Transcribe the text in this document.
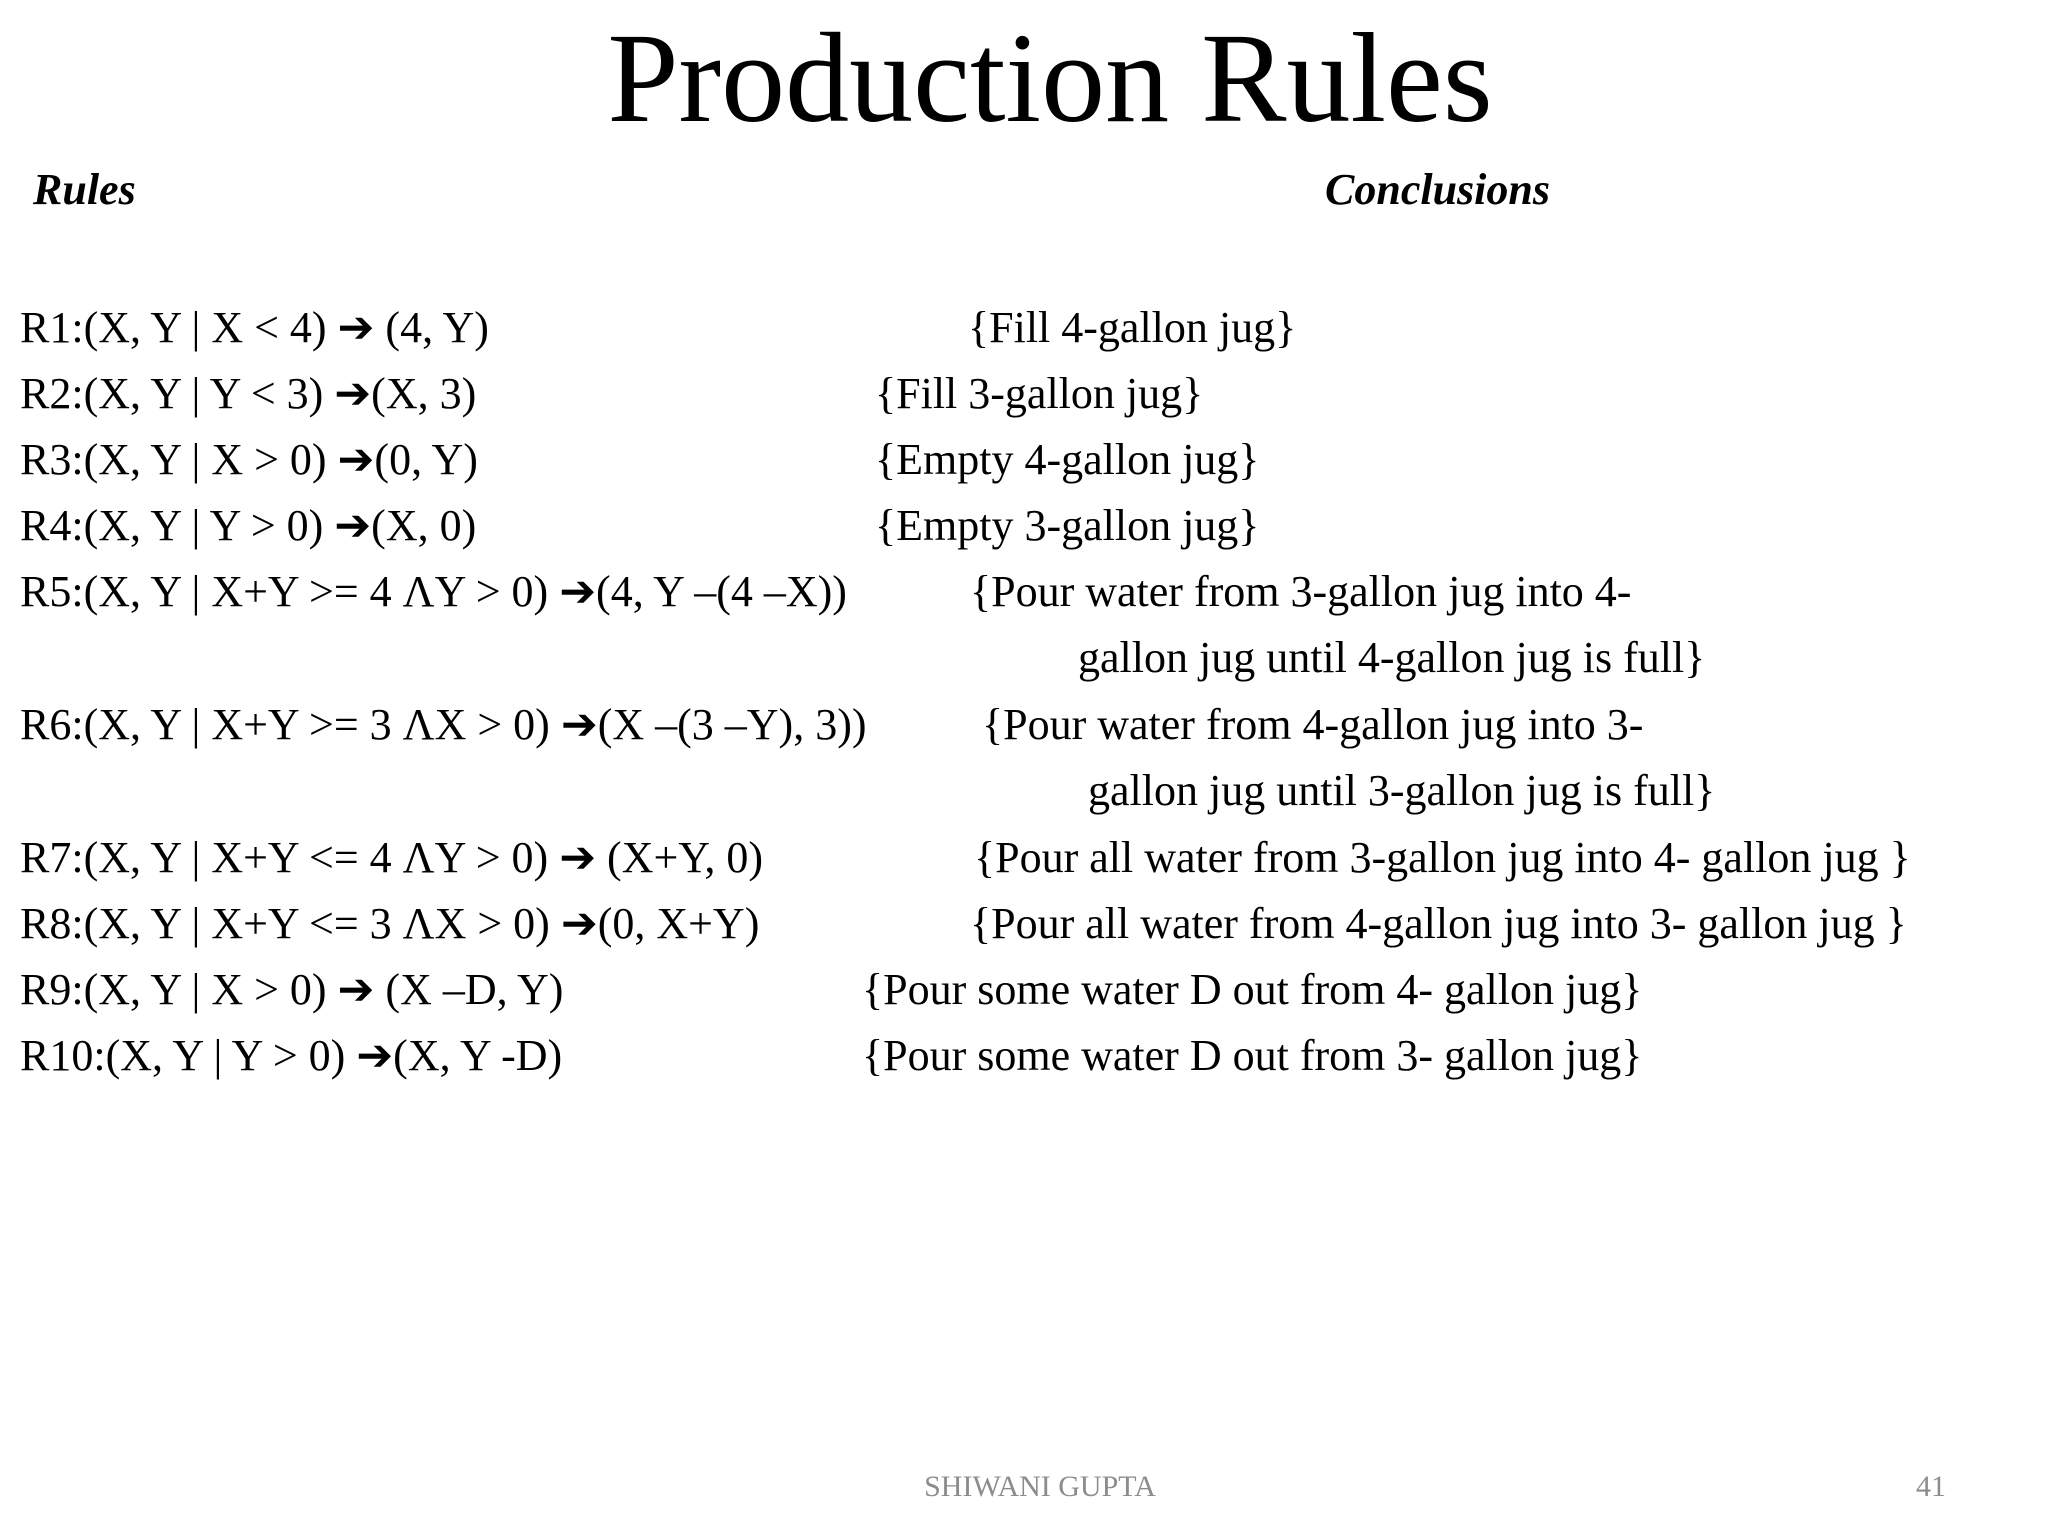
Production Rules
Rules	Conclusions
R1:(X, Y | X < 4) ➔ (4, Y)	{Fill 4-gallon jug}
R2:(X, Y | Y < 3) ➔(X, 3)	{Fill 3-gallon jug}
R3:(X, Y | X > 0) ➔(0, Y)	{Empty 4-gallon jug}
R4:(X, Y | Y > 0) ➔(X, 0)	{Empty 3-gallon jug}
R5:(X, Y | X+Y >= 4 ΛY > 0) ➔(4, Y –(4 –X))	{Pour water from 3-gallon jug into 4-
gallon jug until 4-gallon jug is full}
R6:(X, Y | X+Y >= 3 ΛX > 0) ➔(X –(3 –Y), 3))	{Pour water from 4-gallon jug into 3-
gallon jug until 3-gallon jug is full}
R7:(X, Y | X+Y <= 4 ΛY > 0) ➔ (X+Y, 0)	{Pour all water from 3-gallon jug into 4- gallon jug }
R8:(X, Y | X+Y <= 3 ΛX > 0) ➔(0, X+Y)	{Pour all water from 4-gallon jug into 3- gallon jug }
R9:(X, Y | X > 0) ➔ (X –D, Y)	{Pour some water D out from 4- gallon jug}
R10:(X, Y | Y > 0) ➔(X, Y -D)	{Pour some water D out from 3- gallon jug}
SHIWANI GUPTA	41
